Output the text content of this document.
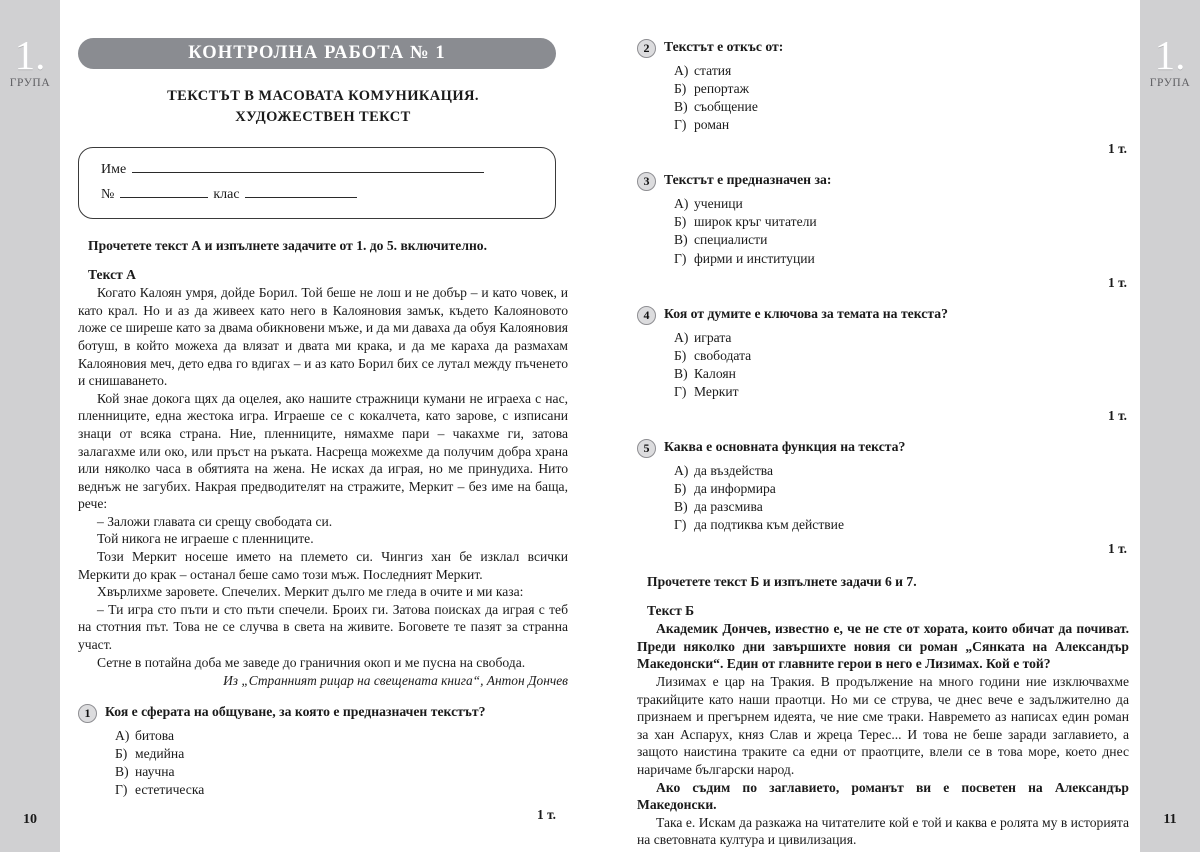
1.
ГРУПА
10
1.
ГРУПА
11
КОНТРОЛНА РАБОТА № 1
ТЕКСТЪТ В МАСОВАТА КОМУНИКАЦИЯ.
ХУДОЖЕСТВЕН ТЕКСТ
Име
№	клас

Прочетете текст А и изпълнете задачите от 1. до 5. включително.

Текст А

Когато Калоян умря, дойде Борил. Той беше не лош и не добър – и като човек, и като крал. Но и аз да живеех като него в Калояновия замък, където Калояновото ложе се ширеше като за двама обикновени мъже, и да ми даваха да обуя Калояновия ботуш, в който можеха да влязат и двата ми крака, и да ме караха да размахам Калояновия меч, дето едва го вдигах – и аз като Борил бих се лутал между пъченето и снишаването.

Кой знае докога щях да оцелея, ако нашите стражници кумани не играеха с нас, пленниците, една жестока игра. Играеше се с кокалчета, като зарове, с изписани знаци от всяка страна. Ние, пленниците, нямахме пари – чакахме ги, затова залагахме или око, или пръст на ръката. Насреща можехме да получим добра храна или няколко часа в обятията на жена. Не исках да играя, но ме принудиха. Нито веднъж не загубих. Накрая предводителят на стражите, Меркит – без име на баща, рече:

– Заложи главата си срещу свободата си.

Той никога не играеше с пленниците.

Този Меркит носеше името на племето си. Чингиз хан бе изклал всички Меркити до крак – останал беше само този мъж. Последният Меркит.

Хвърлихме заровете. Спечелих. Меркит дълго ме гледа в очите и ми каза:

– Ти игра сто пъти и сто пъти спечели. Броих ги. Затова поисках да играя с теб на стотния път. Това не се случва в света на живите. Боговете те пазят за странна участ.

Сетне в потайна доба ме заведе до граничния окоп и ме пусна на свобода.

Из „Странният рицар на свещената книга“, Антон Дончев

1	Коя е сферата на общуване, за която е предназначен текстът?
А) битова
Б) медийна
В) научна
Г) естетическа
1 т.
2	Текстът е откъс от:
А) статия
Б) репортаж
В) съобщение
Г) роман
1 т.
3	Текстът е предназначен за:
А) ученици
Б) широк кръг читатели
В) специалисти
Г) фирми и институции
1 т.
4	Коя от думите е ключова за темата на текста?
А) играта
Б) свободата
В) Калоян
Г) Меркит
1 т.
5	Каква е основната функция на текста?
А) да въздейства
Б) да информира
В) да разсмива
Г) да подтиква към действие
1 т.

Прочетете текст Б и изпълнете задачи 6 и 7.

Текст Б

Академик Дончев, известно е, че не сте от хората, които обичат да почиват. Преди няколко дни завършихте новия си роман „Сянката на Александър Македонски“. Един от главните герои в него е Лизимах. Кой е той?

Лизимах е цар на Тракия. В продължение на много години ние изключвахме тракийците като наши праотци. Но ми се струва, че днес вече е задължително да признаем и прегърнем идеята, че ние сме траки. Навремето аз написах един роман за хан Аспарух, княз Слав и жреца Терес... И това не беше заради заглавието, а защото наистина траките са едни от праотците, влели се в това море, което днес наричаме български народ.

Ако съдим по заглавието, романът ви е посветен на Александър Македонски.

Така е. Искам да разкажа на читателите кой е той и каква е ролята му в историята на световната култура и цивилизация.
